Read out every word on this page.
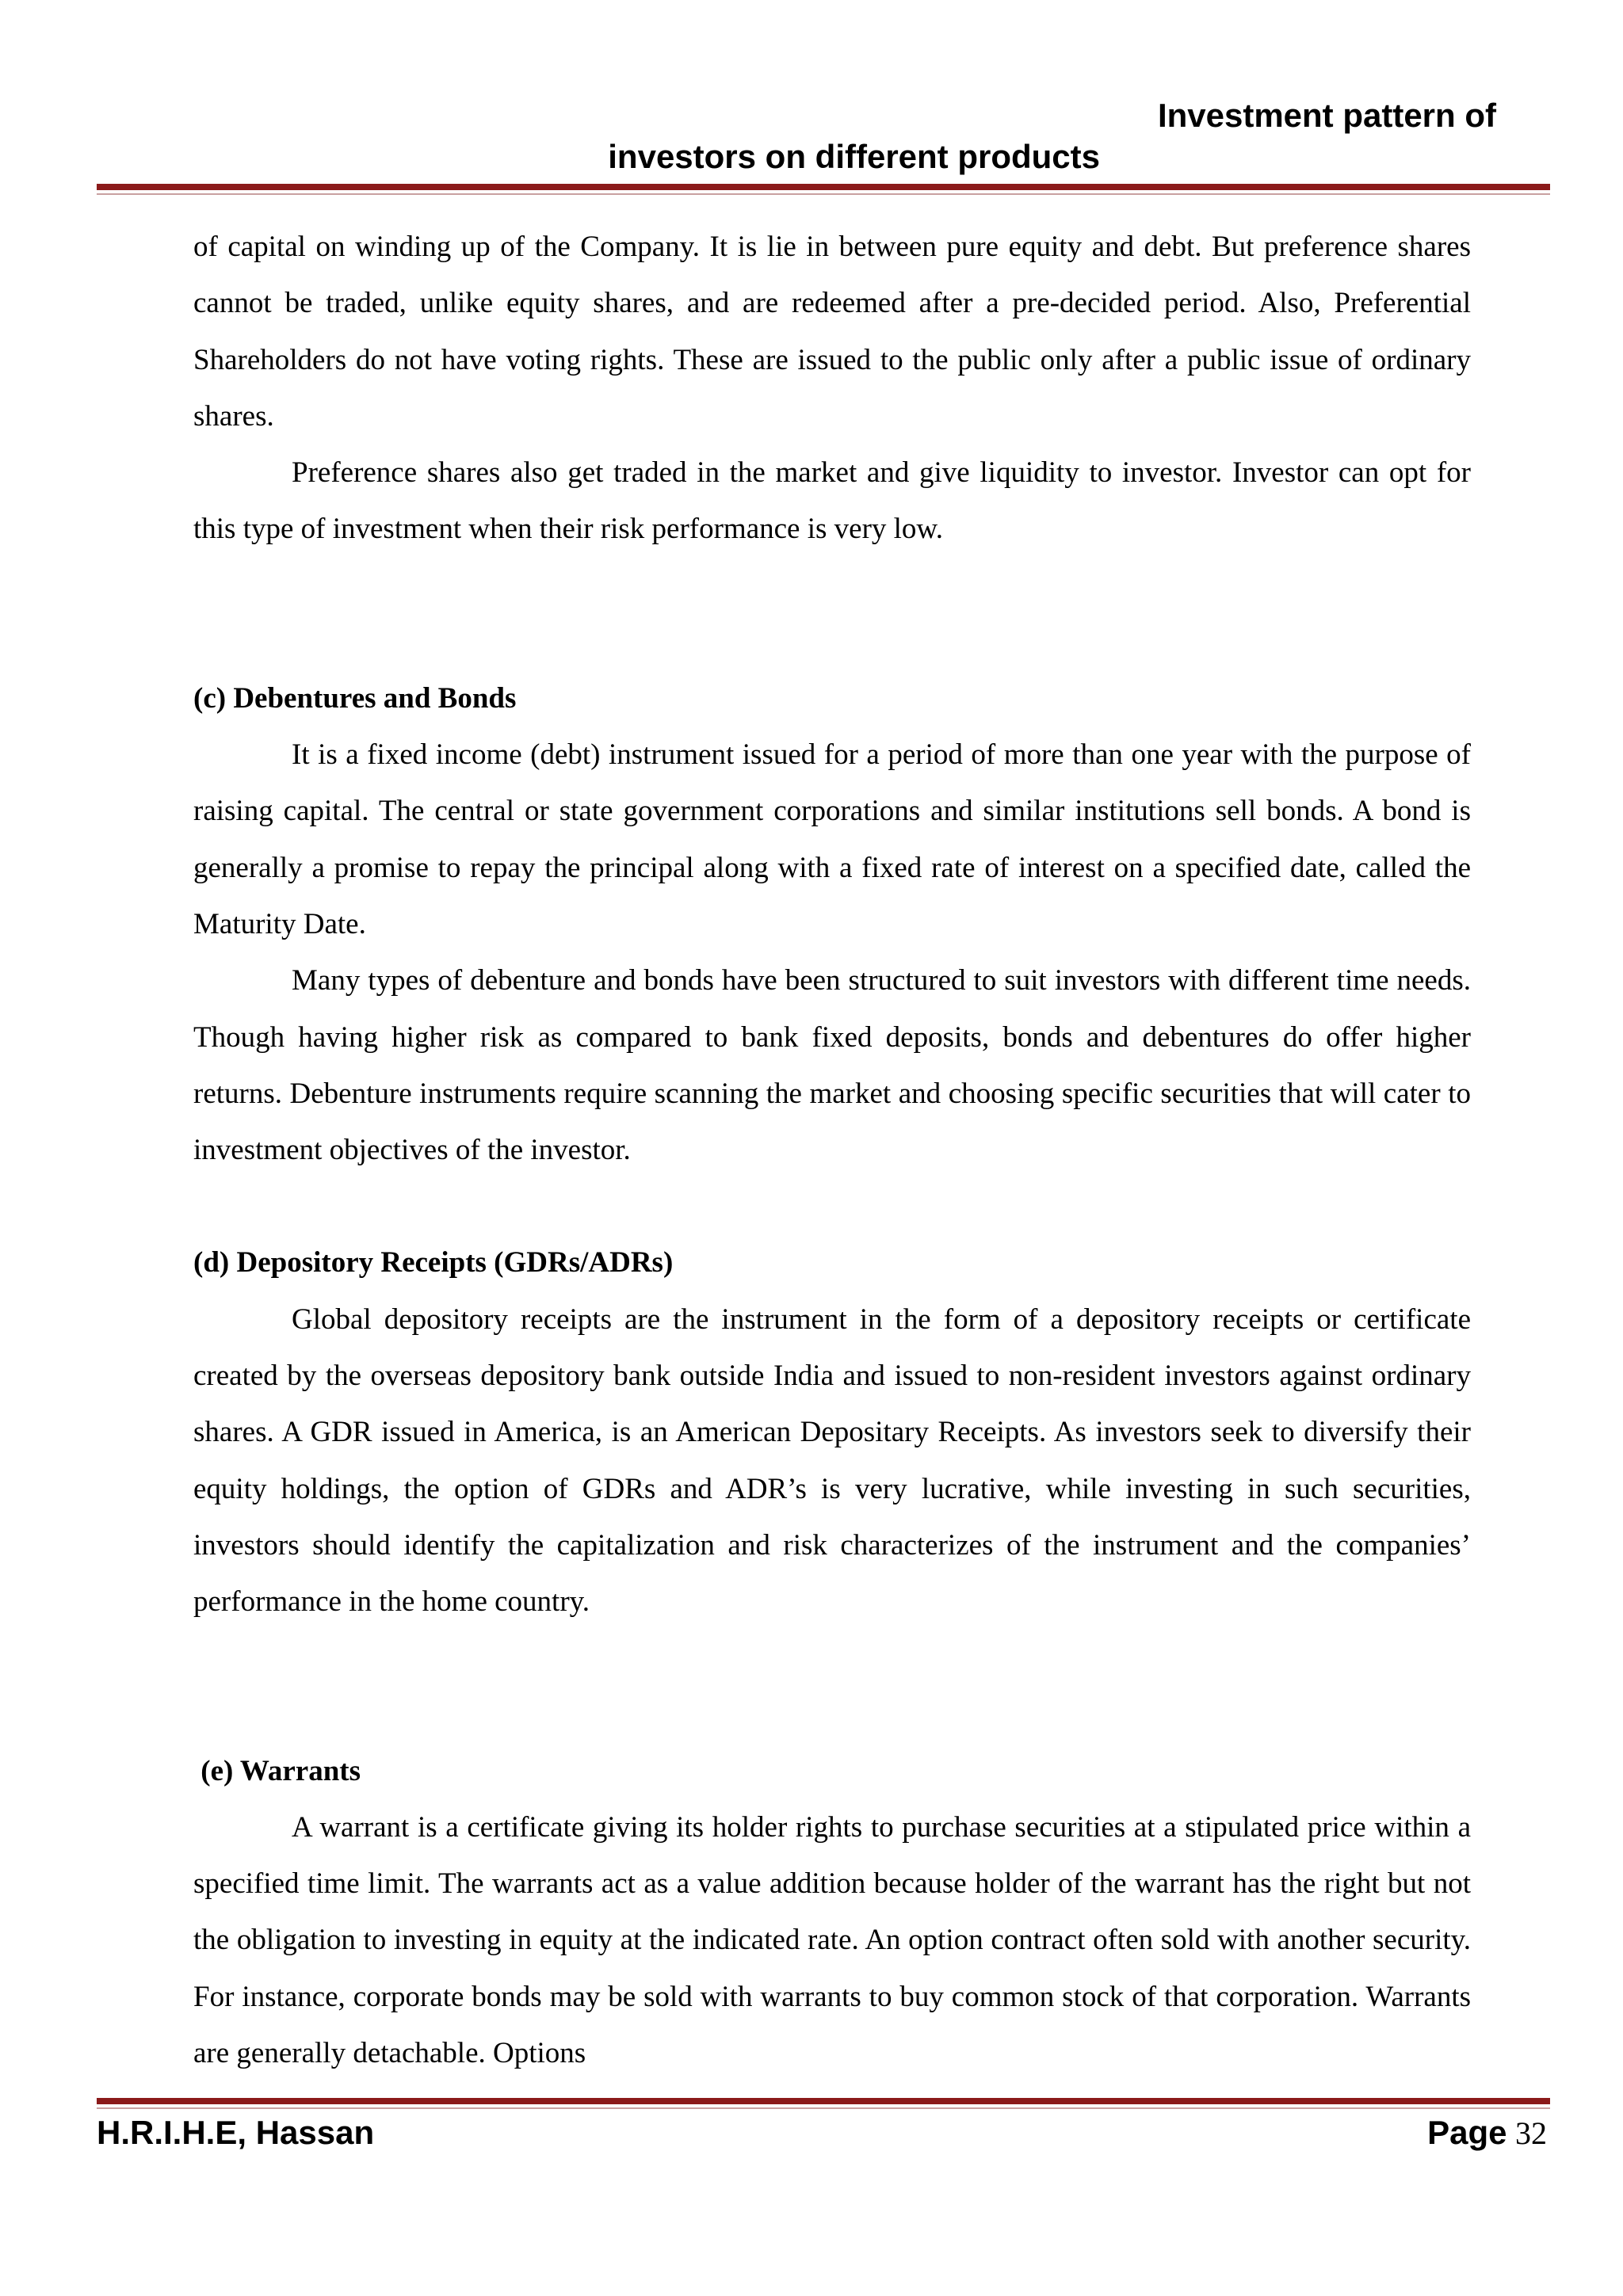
Investment pattern of

investors on different products

of capital on winding up of the Company. It is lie in between pure equity and debt. But preference shares cannot be traded, unlike equity shares, and are redeemed after a pre-decided period. Also, Preferential Shareholders do not have voting rights. These are issued to the public only after a public issue of ordinary shares.

Preference shares also get traded in the market and give liquidity to investor. Investor can opt for this type of investment when their risk performance is very low.

(c) Debentures and Bonds

It is a fixed income (debt) instrument issued for a period of more than one year with the purpose of raising capital. The central or state government corporations and similar institutions sell bonds. A bond is generally a promise to repay the principal along with a fixed rate of interest on a specified date, called the Maturity Date.

Many types of debenture and bonds have been structured to suit investors with different time needs. Though having higher risk as compared to bank fixed deposits, bonds and debentures do offer higher returns. Debenture instruments require scanning the market and choosing specific securities that will cater to investment objectives of the investor.

(d) Depository Receipts (GDRs/ADRs)

Global depository receipts are the instrument in the form of a depository receipts or certificate created by the overseas depository bank outside India and issued to non-resident investors against ordinary shares. A GDR issued in America, is an American Depositary Receipts. As investors seek to diversify their equity holdings, the option of GDRs and ADR’s is very lucrative, while investing in such securities, investors should identify the capitalization and risk characterizes of the instrument and the companies’ performance in the home country.

(e) Warrants

A warrant is a certificate giving its holder rights to purchase securities at a stipulated price within a specified time limit. The warrants act as a value addition because holder of the warrant has the right but not the obligation to investing in equity at the indicated rate. An option contract often sold with another security. For instance, corporate bonds may be sold with warrants to buy common stock of that corporation. Warrants are generally detachable. Options

H.R.I.H.E, Hassan	Page 32
